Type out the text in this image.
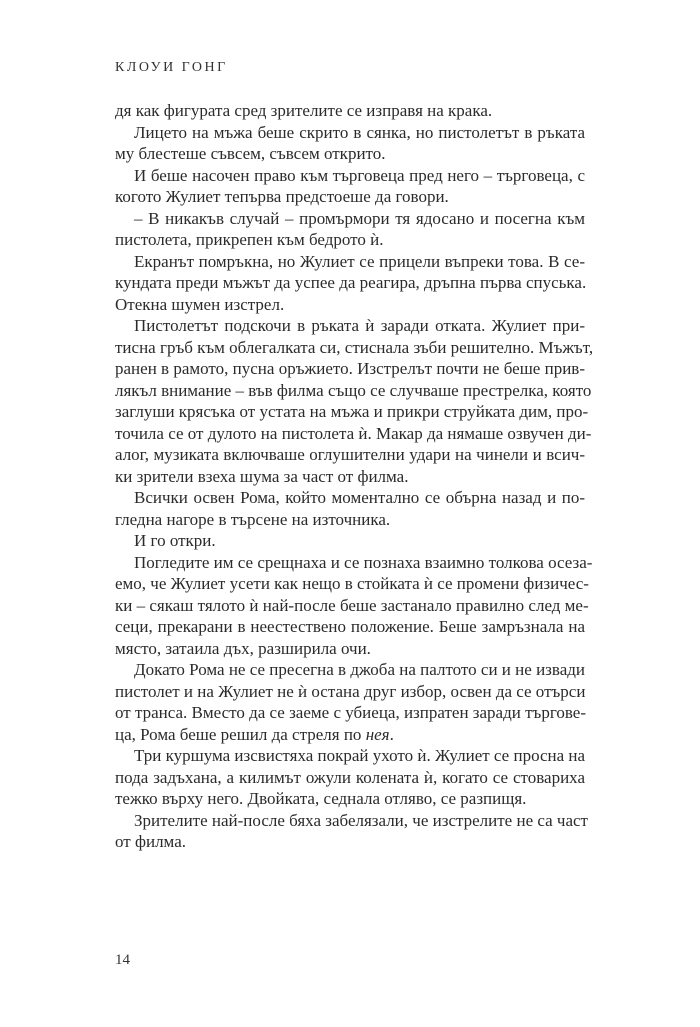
КЛОУИ ГОНГ
дя как фигурата сред зрителите се изправя на крака.
Лицето на мъжа беше скрито в сянка, но пистолетът в ръката
му блестеше съвсем, съвсем открито.
И беше насочен право към търговеца пред него – търговеца, с
когото Жулиет тепърва предстоеше да говори.
– В никакъв случай – промърмори тя ядосано и посегна към
пистолета, прикрепен към бедрото ѝ.
Екранът помръкна, но Жулиет се прицели въпреки това. В се-
кундата преди мъжът да успее да реагира, дръпна първа спуська.
Отекна шумен изстрел.
Пистолетът подскочи в ръката ѝ заради отката. Жулиет при-
тисна гръб към облегалката си, стиснала зъби решително. Мъжът,
ранен в рамото, пусна оръжието. Изстрелът почти не беше прив-
лякъл внимание – във филма също се случваше престрелка, която
заглуши крясъка от устата на мъжа и прикри струйката дим, про-
точила се от дулото на пистолета ѝ. Макар да нямаше озвучен ди-
алог, музиката включваше оглушителни удари на чинели и всич-
ки зрители взеха шума за част от филма.
Всички освен Рома, който моментално се обърна назад и по-
гледна нагоре в търсене на източника.
И го откри.
Погледите им се срещнаха и се познаха взаимно толкова осеза-
емо, че Жулиет усети как нещо в стойката ѝ се промени физичес-
ки – сякаш тялото ѝ най-после беше застанало правилно след ме-
сеци, прекарани в неестествено положение. Беше замръзнала на
място, затаила дъх, разширила очи.
Докато Рома не се пресегна в джоба на палтото си и не извади
пистолет и на Жулиет не ѝ остана друг избор, освен да се отърси
от транса. Вместо да се заеме с убиеца, изпратен заради търгове-
ца, Рома беше решил да стреля по нея.
Три куршума изсвистяха покрай ухото ѝ. Жулиет се просна на
пода задъхана, а килимът ожули колената ѝ, когато се стовариха
тежко върху него. Двойката, седнала отляво, се разпищя.
Зрителите най-после бяха забелязали, че изстрелите не са част
от филма.
14
